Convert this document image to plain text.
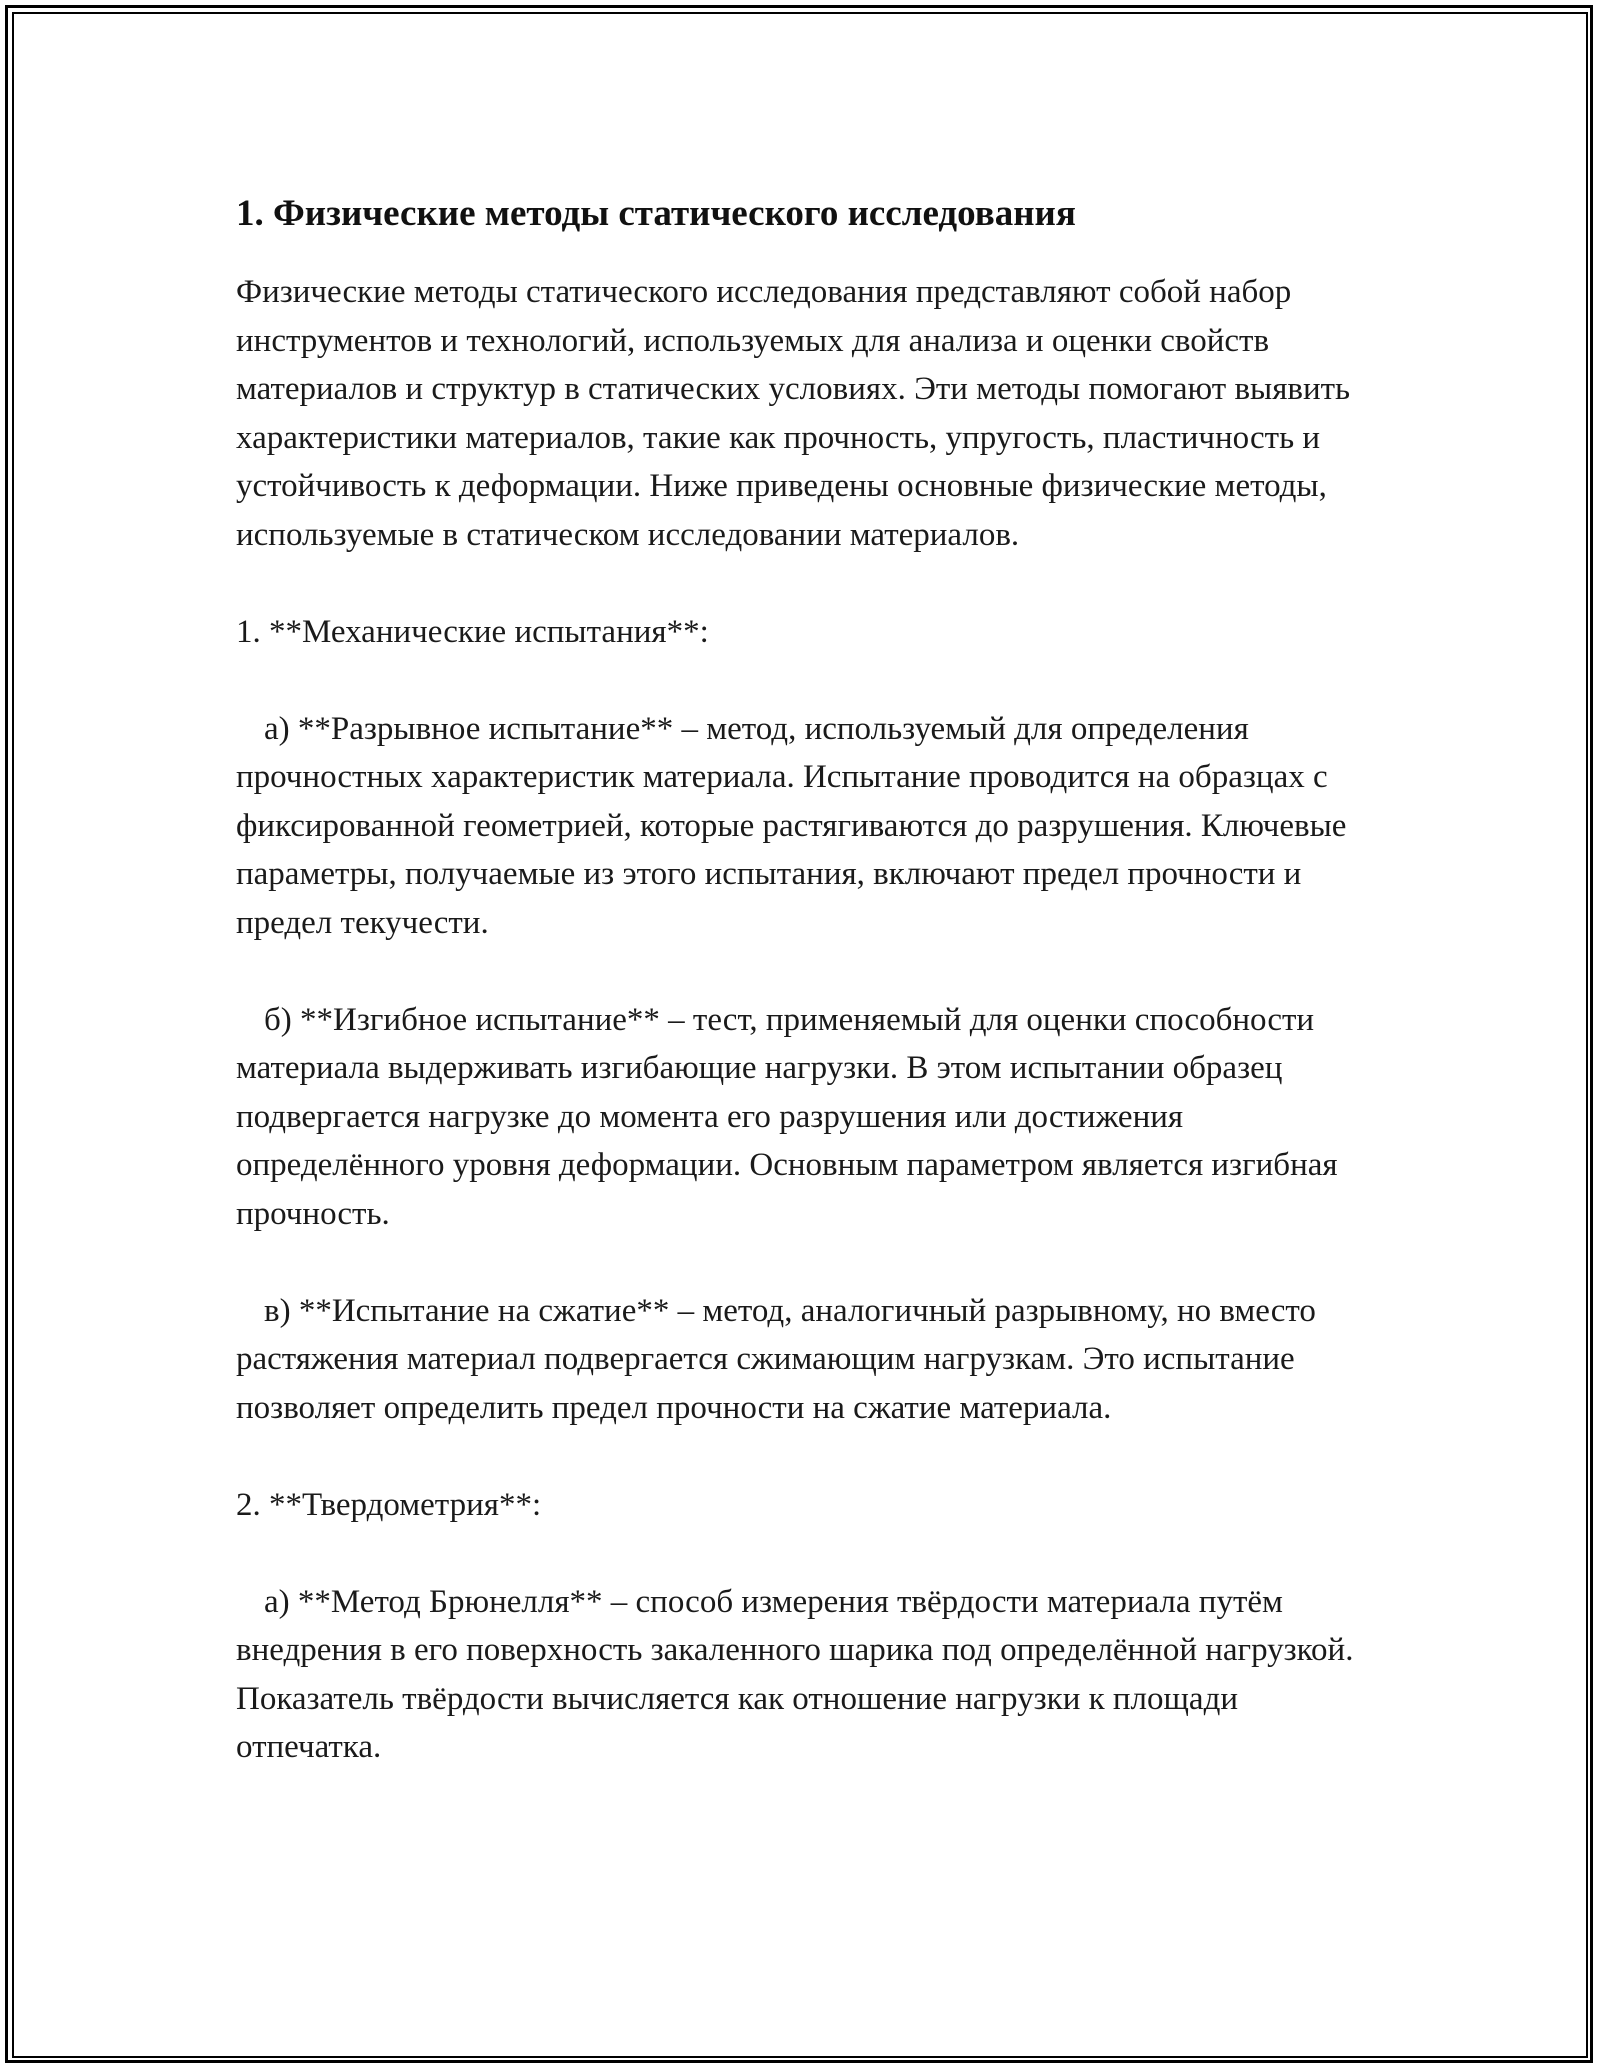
1. Физические методы статического исследования

Физические методы статического исследования представляют собой набор инструментов и технологий, используемых для анализа и оценки свойств материалов и структур в статических условиях. Эти методы помогают выявить характеристики материалов, такие как прочность, упругость, пластичность и устойчивость к деформации. Ниже приведены основные физические методы, используемые в статическом исследовании материалов.

1. **Механические испытания**:

а) **Разрывное испытание** – метод, используемый для определения прочностных характеристик материала. Испытание проводится на образцах с фиксированной геометрией, которые растягиваются до разрушения. Ключевые параметры, получаемые из этого испытания, включают предел прочности и предел текучести.

б) **Изгибное испытание** – тест, применяемый для оценки способности материала выдерживать изгибающие нагрузки. В этом испытании образец подвергается нагрузке до момента его разрушения или достижения определённого уровня деформации. Основным параметром является изгибная прочность.

в) **Испытание на сжатие** – метод, аналогичный разрывному, но вместо растяжения материал подвергается сжимающим нагрузкам. Это испытание позволяет определить предел прочности на сжатие материала.

2. **Твердометрия**:

а) **Метод Брюнелля** – способ измерения твёрдости материала путём внедрения в его поверхность закаленного шарика под определённой нагрузкой. Показатель твёрдости вычисляется как отношение нагрузки к площади отпечатка.
